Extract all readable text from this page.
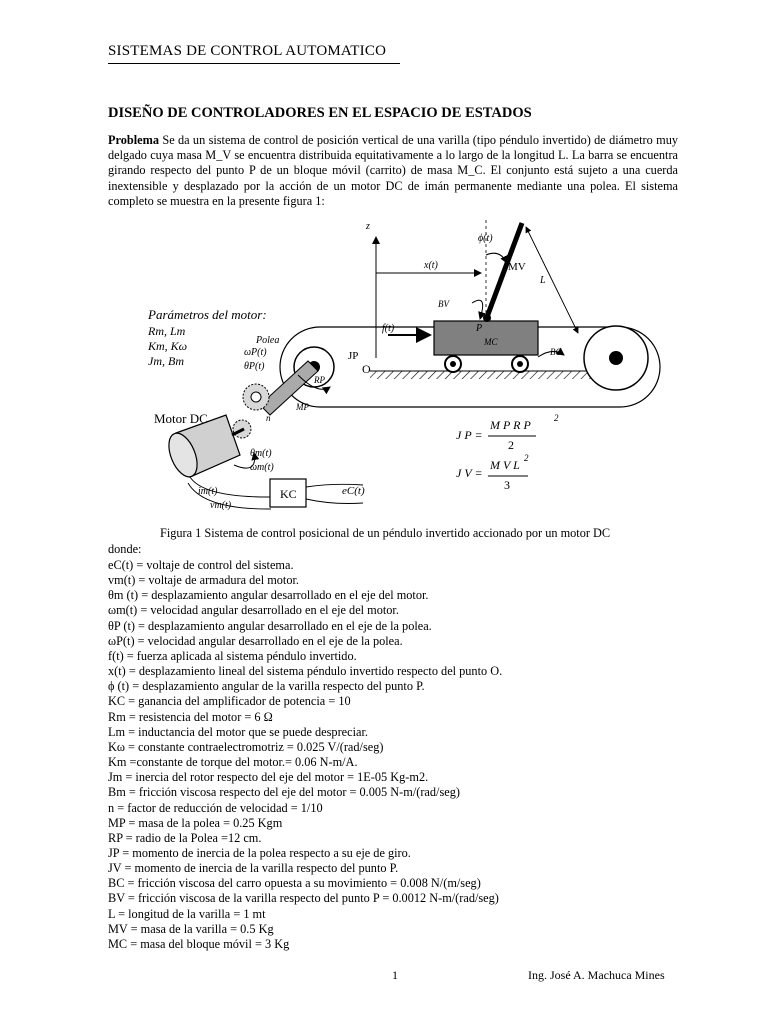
SISTEMAS DE CONTROL AUTOMATICO
DISEÑO DE CONTROLADORES EN EL ESPACIO DE ESTADOS
Problema Se da un sistema de control de posición vertical de una varilla (tipo péndulo invertido) de diámetro muy delgado cuya masa M_V se encuentra distribuida equitativamente a lo largo de la longitud L. La barra se encuentra girando respecto del punto P de un bloque móvil (carrito) de masa M_C. El conjunto está sujeto a una cuerda inextensible y desplazado por la acción de un motor DC de imán permanente mediante una polea. El sistema completo se muestra en la presente figura 1:
Parámetros del motor:
Rm, Lm
Km, Kω
Jm, Bm
Polea
ωP(t)
θP(t)
RP
MP
n
θm(t)
ωm(t)
im(t)
vm(t)
eC(t)
z
x(t)
ϕ(t)
L
BV
f(t)	P
MC
BC
Motor DC
JP
O
MV
KC
J P =
M P R P	2
2
J V =
M V L 2
3
Figura 1 Sistema de control posicional de un péndulo invertido accionado por un motor DC
donde:
eC(t) = voltaje de control del sistema.
vm(t) = voltaje de armadura del motor.
θm (t) = desplazamiento angular desarrollado en el eje del motor.
ωm(t) = velocidad angular desarrollado en el eje del motor.
θP (t) = desplazamiento angular desarrollado en el eje de la polea.
ωP(t) = velocidad angular desarrollado en el eje de la polea.
f(t) = fuerza aplicada al sistema péndulo invertido.
x(t) = desplazamiento lineal del sistema péndulo invertido respecto del punto O.
ϕ (t) = desplazamiento angular de la varilla respecto del punto P.
KC = ganancia del amplificador de potencia = 10
Rm = resistencia del motor = 6 Ω
Lm = inductancia del motor que se puede despreciar.
Kω = constante contraelectromotriz = 0.025 V/(rad/seg)
Km =constante de torque del motor.= 0.06 N-m/A.
Jm = inercia del rotor respecto del eje del motor = 1E-05 Kg-m2.
Bm = fricción viscosa respecto del eje del motor = 0.005 N-m/(rad/seg)
n = factor de reducción de velocidad = 1/10
MP = masa de la polea = 0.25 Kgm
RP = radio de la Polea =12 cm.
JP = momento de inercia de la polea respecto a su eje de giro.
JV = momento de inercia de la varilla respecto del punto P.
BC = fricción viscosa del carro opuesta a su movimiento = 0.008 N/(m/seg)
BV = fricción viscosa de la varilla respecto del punto P = 0.0012 N-m/(rad/seg)
L = longitud de la varilla = 1 mt
MV = masa de la varilla = 0.5 Kg
MC = masa del bloque móvil = 3 Kg
1	Ing. José A. Machuca Mines
